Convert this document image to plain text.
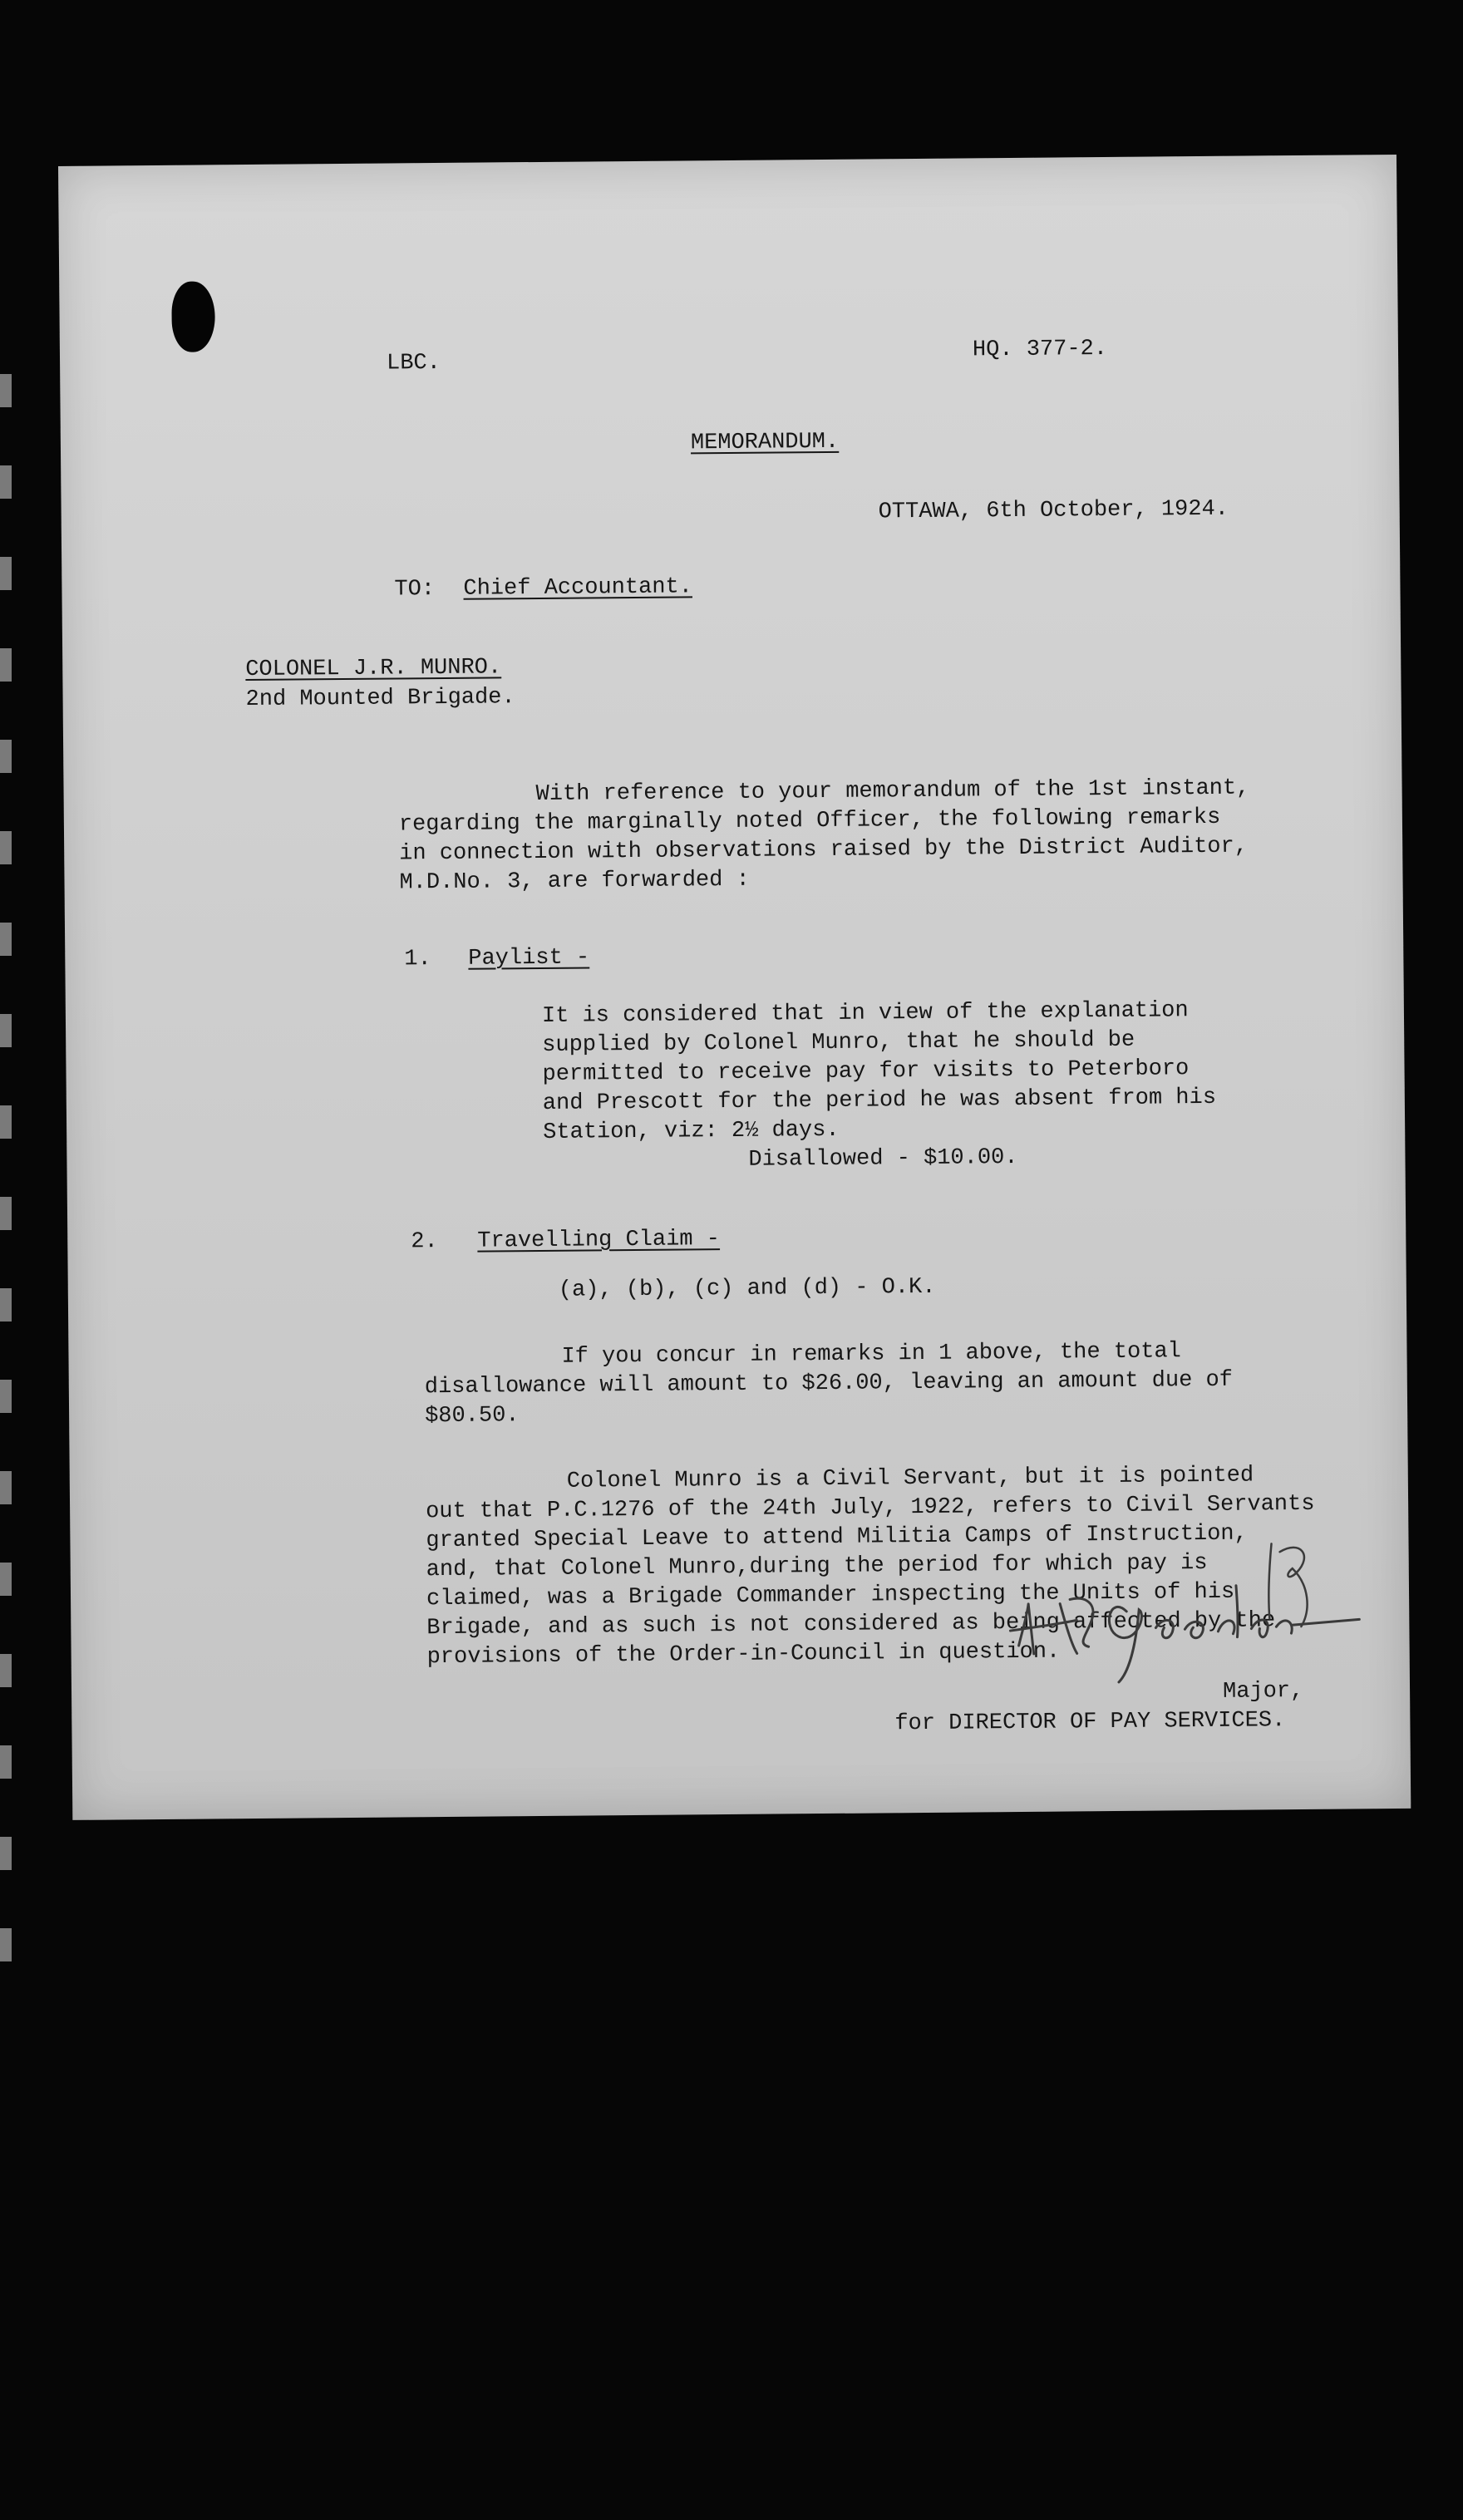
LBC.

HQ. 377-2.

MEMORANDUM.

OTTAWA, 6th October, 1924.

TO: Chief Accountant.

COLONEL J.R. MUNRO.

2nd Mounted Brigade.

With reference to your memorandum of the 1st instant,

regarding the marginally noted Officer, the following remarks

in connection with observations raised by the District Auditor,

M.D.No. 3, are forwarded :

1. Paylist -

It is considered that in view of the explanation

supplied by Colonel Munro, that he should be

permitted to receive pay for visits to Peterboro

and Prescott for the period he was absent from his

Station, viz: 2½ days.

Disallowed - $10.00.

2. Travelling Claim -

(a), (b), (c) and (d) - O.K.

If you concur in remarks in 1 above, the total

disallowance will amount to $26.00, leaving an amount due of

$80.50.

Colonel Munro is a Civil Servant, but it is pointed

out that P.C.1276 of the 24th July, 1922, refers to Civil Servants

granted Special Leave to attend Militia Camps of Instruction,

and, that Colonel Munro,during the period for which pay is

claimed, was a Brigade Commander inspecting the Units of his

Brigade, and as such is not considered as being affected by the

provisions of the Order-in-Council in question.

Major,

for DIRECTOR OF PAY SERVICES.
